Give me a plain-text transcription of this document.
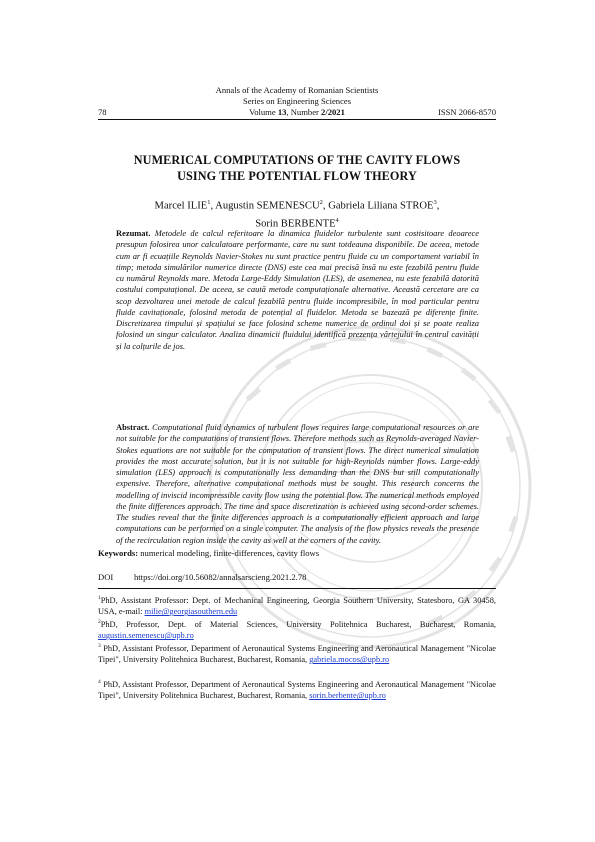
Annals of the Academy of Romanian Scientists
Series on Engineering Sciences
78	Volume 13, Number 2/2021	ISSN 2066-8570
NUMERICAL COMPUTATIONS OF THE CAVITY FLOWS
USING THE POTENTIAL FLOW THEORY
Marcel ILIE$^1$, Augustin SEMENESCU$^2$, Gabriela Liliana STROE$^3$,
Sorin BERBENTE$^4$
Rezumat. Metodele de calcul referitoare la dinamica fluidelor turbulente sunt costisitoare deoarece presupun folosirea unor calculatoare performante, care nu sunt totdeauna disponibile. De aceea, metode cum ar fi ecuațiile Reynolds Navier-Stokes nu sunt practice pentru fluide cu un comportament variabil în timp; metoda simulărilor numerice directe (DNS) este cea mai precisă însă nu este fezabilă pentru fluide cu numărul Reynolds mare. Metoda Large-Eddy Simulation (LES), de asemenea, nu este fezabilă datorită costului computațional. De aceea, se caută metode computaționale alternative. Această cercetare are ca scop dezvoltarea unei metode de calcul fezabilă pentru fluide incompresibile, în mod particular pentru fluide cavitaționale, folosind metoda de potențial al fluidelor. Metoda se bazează pe diferențe finite. Discretizarea timpului și spațiului se face folosind scheme numerice de ordinul doi și se poate realiza folosind un singur calculator. Analiza dinamicii fluidului identifică prezența vârtejului în centrul cavității și la colțurile de jos.
Abstract. Computational fluid dynamics of turbulent flows requires large computational resources or are not suitable for the computations of transient flows. Therefore methods such as Reynolds-averaged Navier-Stokes equations are not suitable for the computation of transient flows. The direct numerical simulation provides the most accurate solution, but it is not suitable for high-Reynolds number flows. Large-eddy simulation (LES) approach is computationally less demanding than the DNS but still computationally expensive. Therefore, alternative computational methods must be sought. This research concerns the modelling of inviscid incompressible cavity flow using the potential flow. The numerical methods employed the finite differences approach. The time and space discretization is achieved using second-order schemes. The studies reveal that the finite differences approach is a computationally efficient approach and large computations can be performed on a single computer. The analysis of the flow physics reveals the presence of the recirculation region inside the cavity as well at the corners of the cavity.
Keywords: numerical modeling, finite-differences, cavity flows
DOI https://doi.org/10.56082/annalsarscieng.2021.2.78
$^1$PhD, Assistant Professor: Dept. of Mechanical Engineering, Georgia Southern University, Statesboro, GA 30458, USA, e-mail: milie@georgiasouthern.edu
$^2$PhD, Professor, Dept. of Material Sciences, University Politehnica Bucharest, Bucharest, Romania, augustin.semenescu@upb.ro
$^3$ PhD, Assistant Professor, Department of Aeronautical Systems Engineering and Aeronautical Management "Nicolae Tipei", University Politehnica Bucharest, Bucharest, Romania, gabriela.mocos@upb.ro
$^4$ PhD, Assistant Professor, Department of Aeronautical Systems Engineering and Aeronautical Management "Nicolae Tipei", University Politehnica Bucharest, Bucharest, Romania, sorin.berbente@upb.ro
